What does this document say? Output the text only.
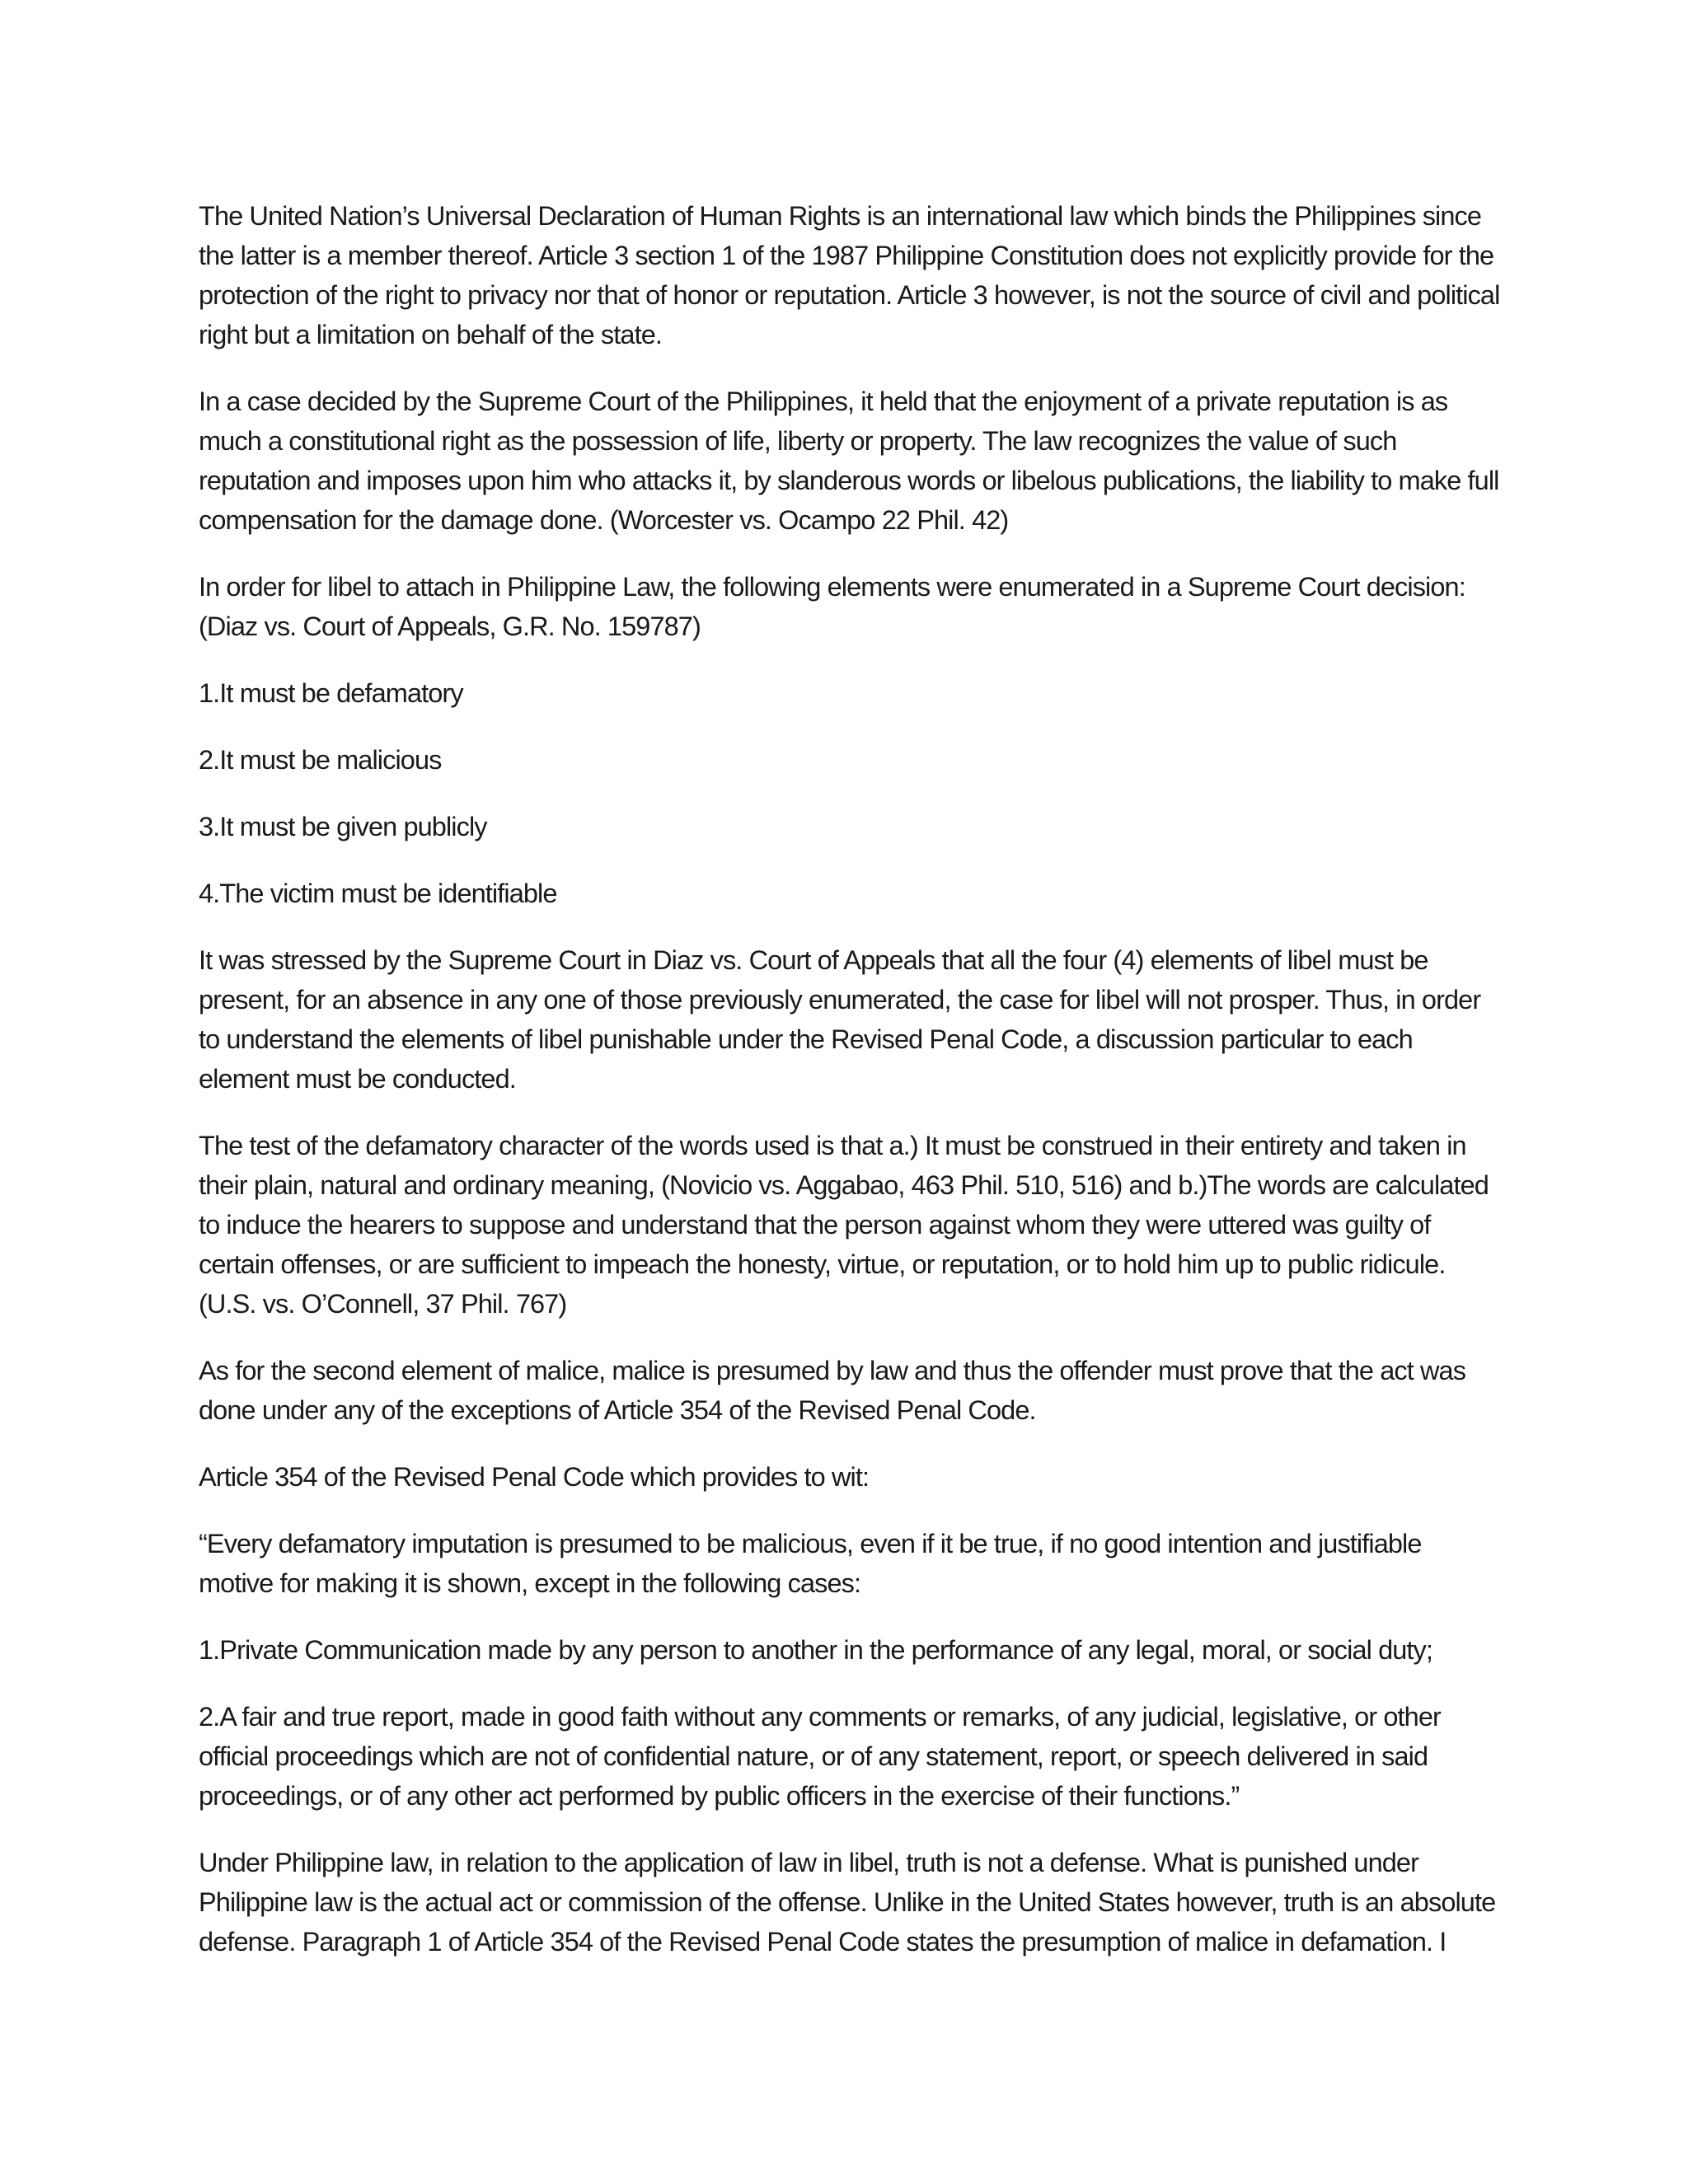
The United Nation’s Universal Declaration of Human Rights is an international law which binds the Philippines since the latter is a member thereof. Article 3 section 1 of the 1987 Philippine Constitution does not explicitly provide for the protection of the right to privacy nor that of honor or reputation. Article 3 however, is not the source of civil and political right but a limitation on behalf of the state.

In a case decided by the Supreme Court of the Philippines, it held that the enjoyment of a private reputation is as much a constitutional right as the possession of life, liberty or property. The law recognizes the value of such reputation and imposes upon him who attacks it, by slanderous words or libelous publications, the liability to make full compensation for the damage done. (Worcester vs. Ocampo 22 Phil. 42)

In order for libel to attach in Philippine Law, the following elements were enumerated in a Supreme Court decision: (Diaz vs. Court of Appeals, G.R. No. 159787)

1.It must be defamatory

2.It must be malicious

3.It must be given publicly

4.The victim must be identifiable

It was stressed by the Supreme Court in Diaz vs. Court of Appeals that all the four (4) elements of libel must be present, for an absence in any one of those previously enumerated, the case for libel will not prosper. Thus, in order to understand the elements of libel punishable under the Revised Penal Code, a discussion particular to each element must be conducted.

The test of the defamatory character of the words used is that a.) It must be construed in their entirety and taken in their plain, natural and ordinary meaning, (Novicio vs. Aggabao, 463 Phil. 510, 516) and b.)The words are calculated to induce the hearers to suppose and understand that the person against whom they were uttered was guilty of certain offenses, or are sufficient to impeach the honesty, virtue, or reputation, or to hold him up to public ridicule. (U.S. vs. O’Connell, 37 Phil. 767)

As for the second element of malice, malice is presumed by law and thus the offender must prove that the act was done under any of the exceptions of Article 354 of the Revised Penal Code.

Article 354 of the Revised Penal Code which provides to wit:

“Every defamatory imputation is presumed to be malicious, even if it be true, if no good intention and justifiable motive for making it is shown, except in the following cases:

1.Private Communication made by any person to another in the performance of any legal, moral, or social duty;

2.A fair and true report, made in good faith without any comments or remarks, of any judicial, legislative, or other official proceedings which are not of confidential nature, or of any statement, report, or speech delivered in said proceedings, or of any other act performed by public officers in the exercise of their functions.”

Under Philippine law, in relation to the application of law in libel, truth is not a defense. What is punished under Philippine law is the actual act or commission of the offense. Unlike in the United States however, truth is an absolute defense. Paragraph 1 of Article 354 of the Revised Penal Code states the presumption of malice in defamation. I
